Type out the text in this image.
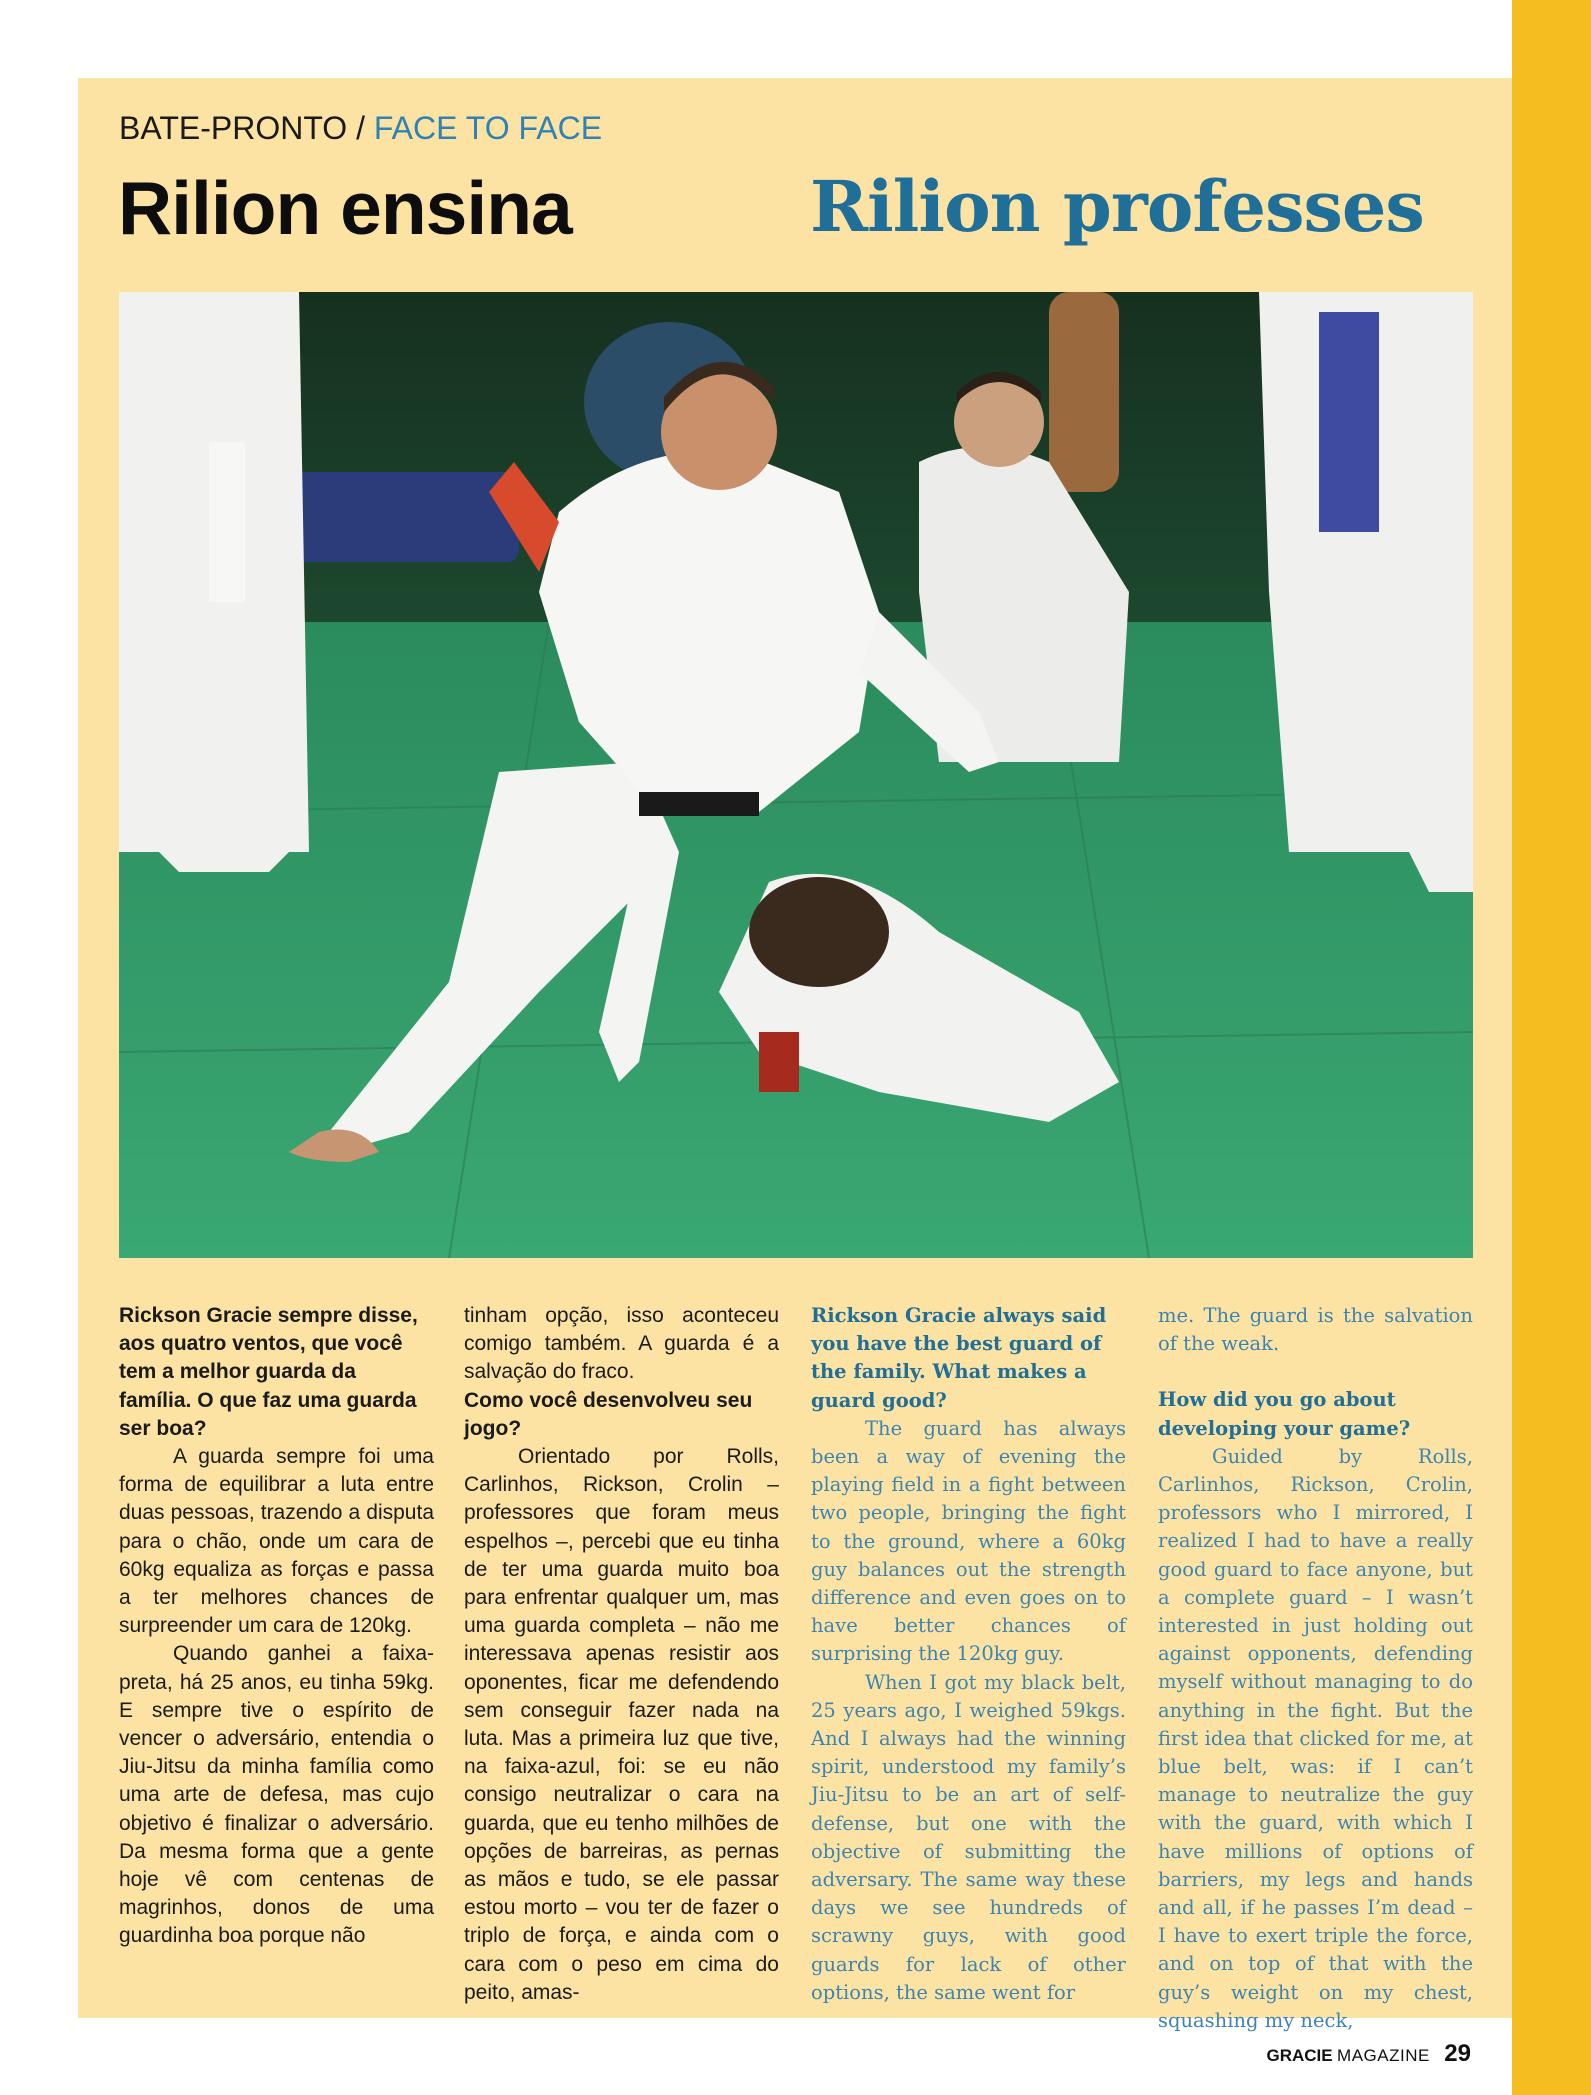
BATE-PRONTO / FACE TO FACE
Rilion ensina	Rilion professes

Rickson Gracie sempre disse, aos quatro ventos, que você tem a melhor guarda da família. O que faz uma guarda ser boa?

A guarda sempre foi uma forma de equilibrar a luta entre duas pessoas, trazendo a disputa para o chão, onde um cara de 60kg equaliza as forças e passa a ter melhores chances de surpreender um cara de 120kg.

Quando ganhei a faixa-preta, há 25 anos, eu tinha 59kg. E sempre tive o espírito de vencer o adversário, entendia o Jiu-Jitsu da minha família como uma arte de defesa, mas cujo objetivo é finalizar o adversário. Da mesma forma que a gente hoje vê com centenas de magrinhos, donos de uma guardinha boa porque não

tinham opção, isso aconteceu comigo também. A guarda é a salvação do fraco.

Como você desenvolveu seu jogo?

Orientado por Rolls, Carlinhos, Rickson, Crolin – professores que foram meus espelhos –, percebi que eu tinha de ter uma guarda muito boa para enfrentar qualquer um, mas uma guarda completa – não me interessava apenas resistir aos oponentes, ficar me defendendo sem conseguir fazer nada na luta. Mas a primeira luz que tive, na faixa-azul, foi: se eu não consigo neutralizar o cara na guarda, que eu tenho milhões de opções de barreiras, as pernas as mãos e tudo, se ele passar estou morto – vou ter de fazer o triplo de força, e ainda com o cara com o peso em cima do peito, amas-

Rickson Gracie always said you have the best guard of the family. What makes a guard good?

The guard has always been a way of evening the playing field in a fight between two people, bringing the fight to the ground, where a 60kg guy balances out the strength difference and even goes on to have better chances of surprising the 120kg guy.

When I got my black belt, 25 years ago, I weighed 59kgs. And I always had the winning spirit, understood my family’s Jiu-Jitsu to be an art of self-defense, but one with the objective of submitting the adversary. The same way these days we see hundreds of scrawny guys, with good guards for lack of other options, the same went for

me. The guard is the salvation of the weak.

How did you go about developing your game?

Guided by Rolls, Carlinhos, Rickson, Crolin, professors who I mirrored, I realized I had to have a really good guard to face anyone, but a complete guard – I wasn’t interested in just holding out against opponents, defending myself without managing to do anything in the fight. But the first idea that clicked for me, at blue belt, was: if I can’t manage to neutralize the guy with the guard, with which I have millions of options of barriers, my legs and hands and all, if he passes I’m dead – I have to exert triple the force, and on top of that with the guy’s weight on my chest, squashing my neck,

GRACIE MAGAZINE 29
